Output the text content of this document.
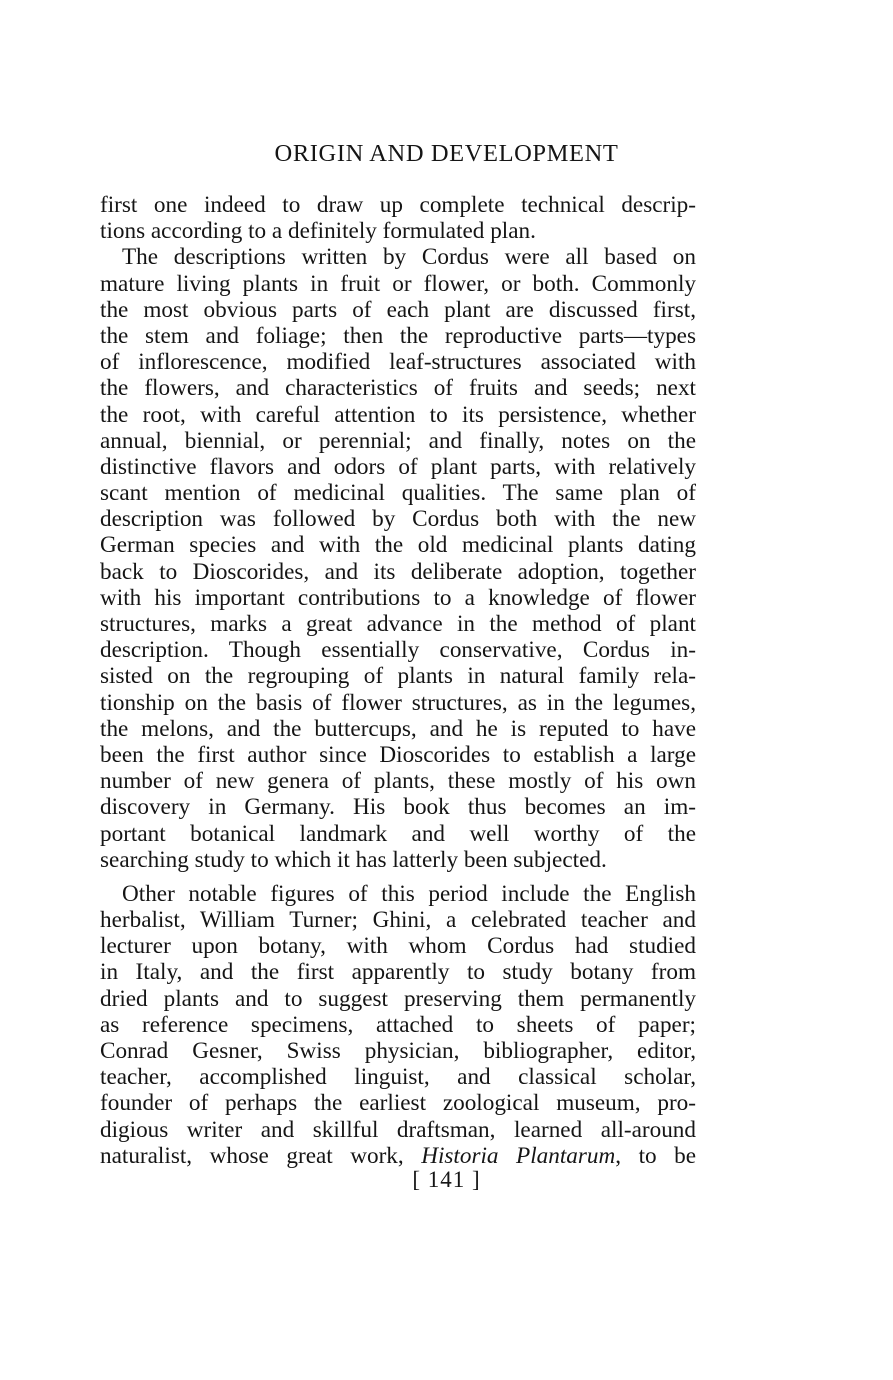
ORIGIN AND DEVELOPMENT
first one indeed to draw up complete technical descrip-
tions according to a definitely formulated plan.
The descriptions written by Cordus were all based on
mature living plants in fruit or flower, or both. Commonly
the most obvious parts of each plant are discussed first,
the stem and foliage; then the reproductive parts—types
of inflorescence, modified leaf-structures associated with
the flowers, and characteristics of fruits and seeds; next
the root, with careful attention to its persistence, whether
annual, biennial, or perennial; and finally, notes on the
distinctive flavors and odors of plant parts, with relatively
scant mention of medicinal qualities. The same plan of
description was followed by Cordus both with the new
German species and with the old medicinal plants dating
back to Dioscorides, and its deliberate adoption, together
with his important contributions to a knowledge of flower
structures, marks a great advance in the method of plant
description. Though essentially conservative, Cordus in-
sisted on the regrouping of plants in natural family rela-
tionship on the basis of flower structures, as in the legumes,
the melons, and the buttercups, and he is reputed to have
been the first author since Dioscorides to establish a large
number of new genera of plants, these mostly of his own
discovery in Germany. His book thus becomes an im-
portant botanical landmark and well worthy of the
searching study to which it has latterly been subjected.
Other notable figures of this period include the English
herbalist, William Turner; Ghini, a celebrated teacher and
lecturer upon botany, with whom Cordus had studied
in Italy, and the first apparently to study botany from
dried plants and to suggest preserving them permanently
as reference specimens, attached to sheets of paper;
Conrad Gesner, Swiss physician, bibliographer, editor,
teacher, accomplished linguist, and classical scholar,
founder of perhaps the earliest zoological museum, pro-
digious writer and skillful draftsman, learned all-around
naturalist, whose great work, Historia Plantarum, to be
[ 141 ]
